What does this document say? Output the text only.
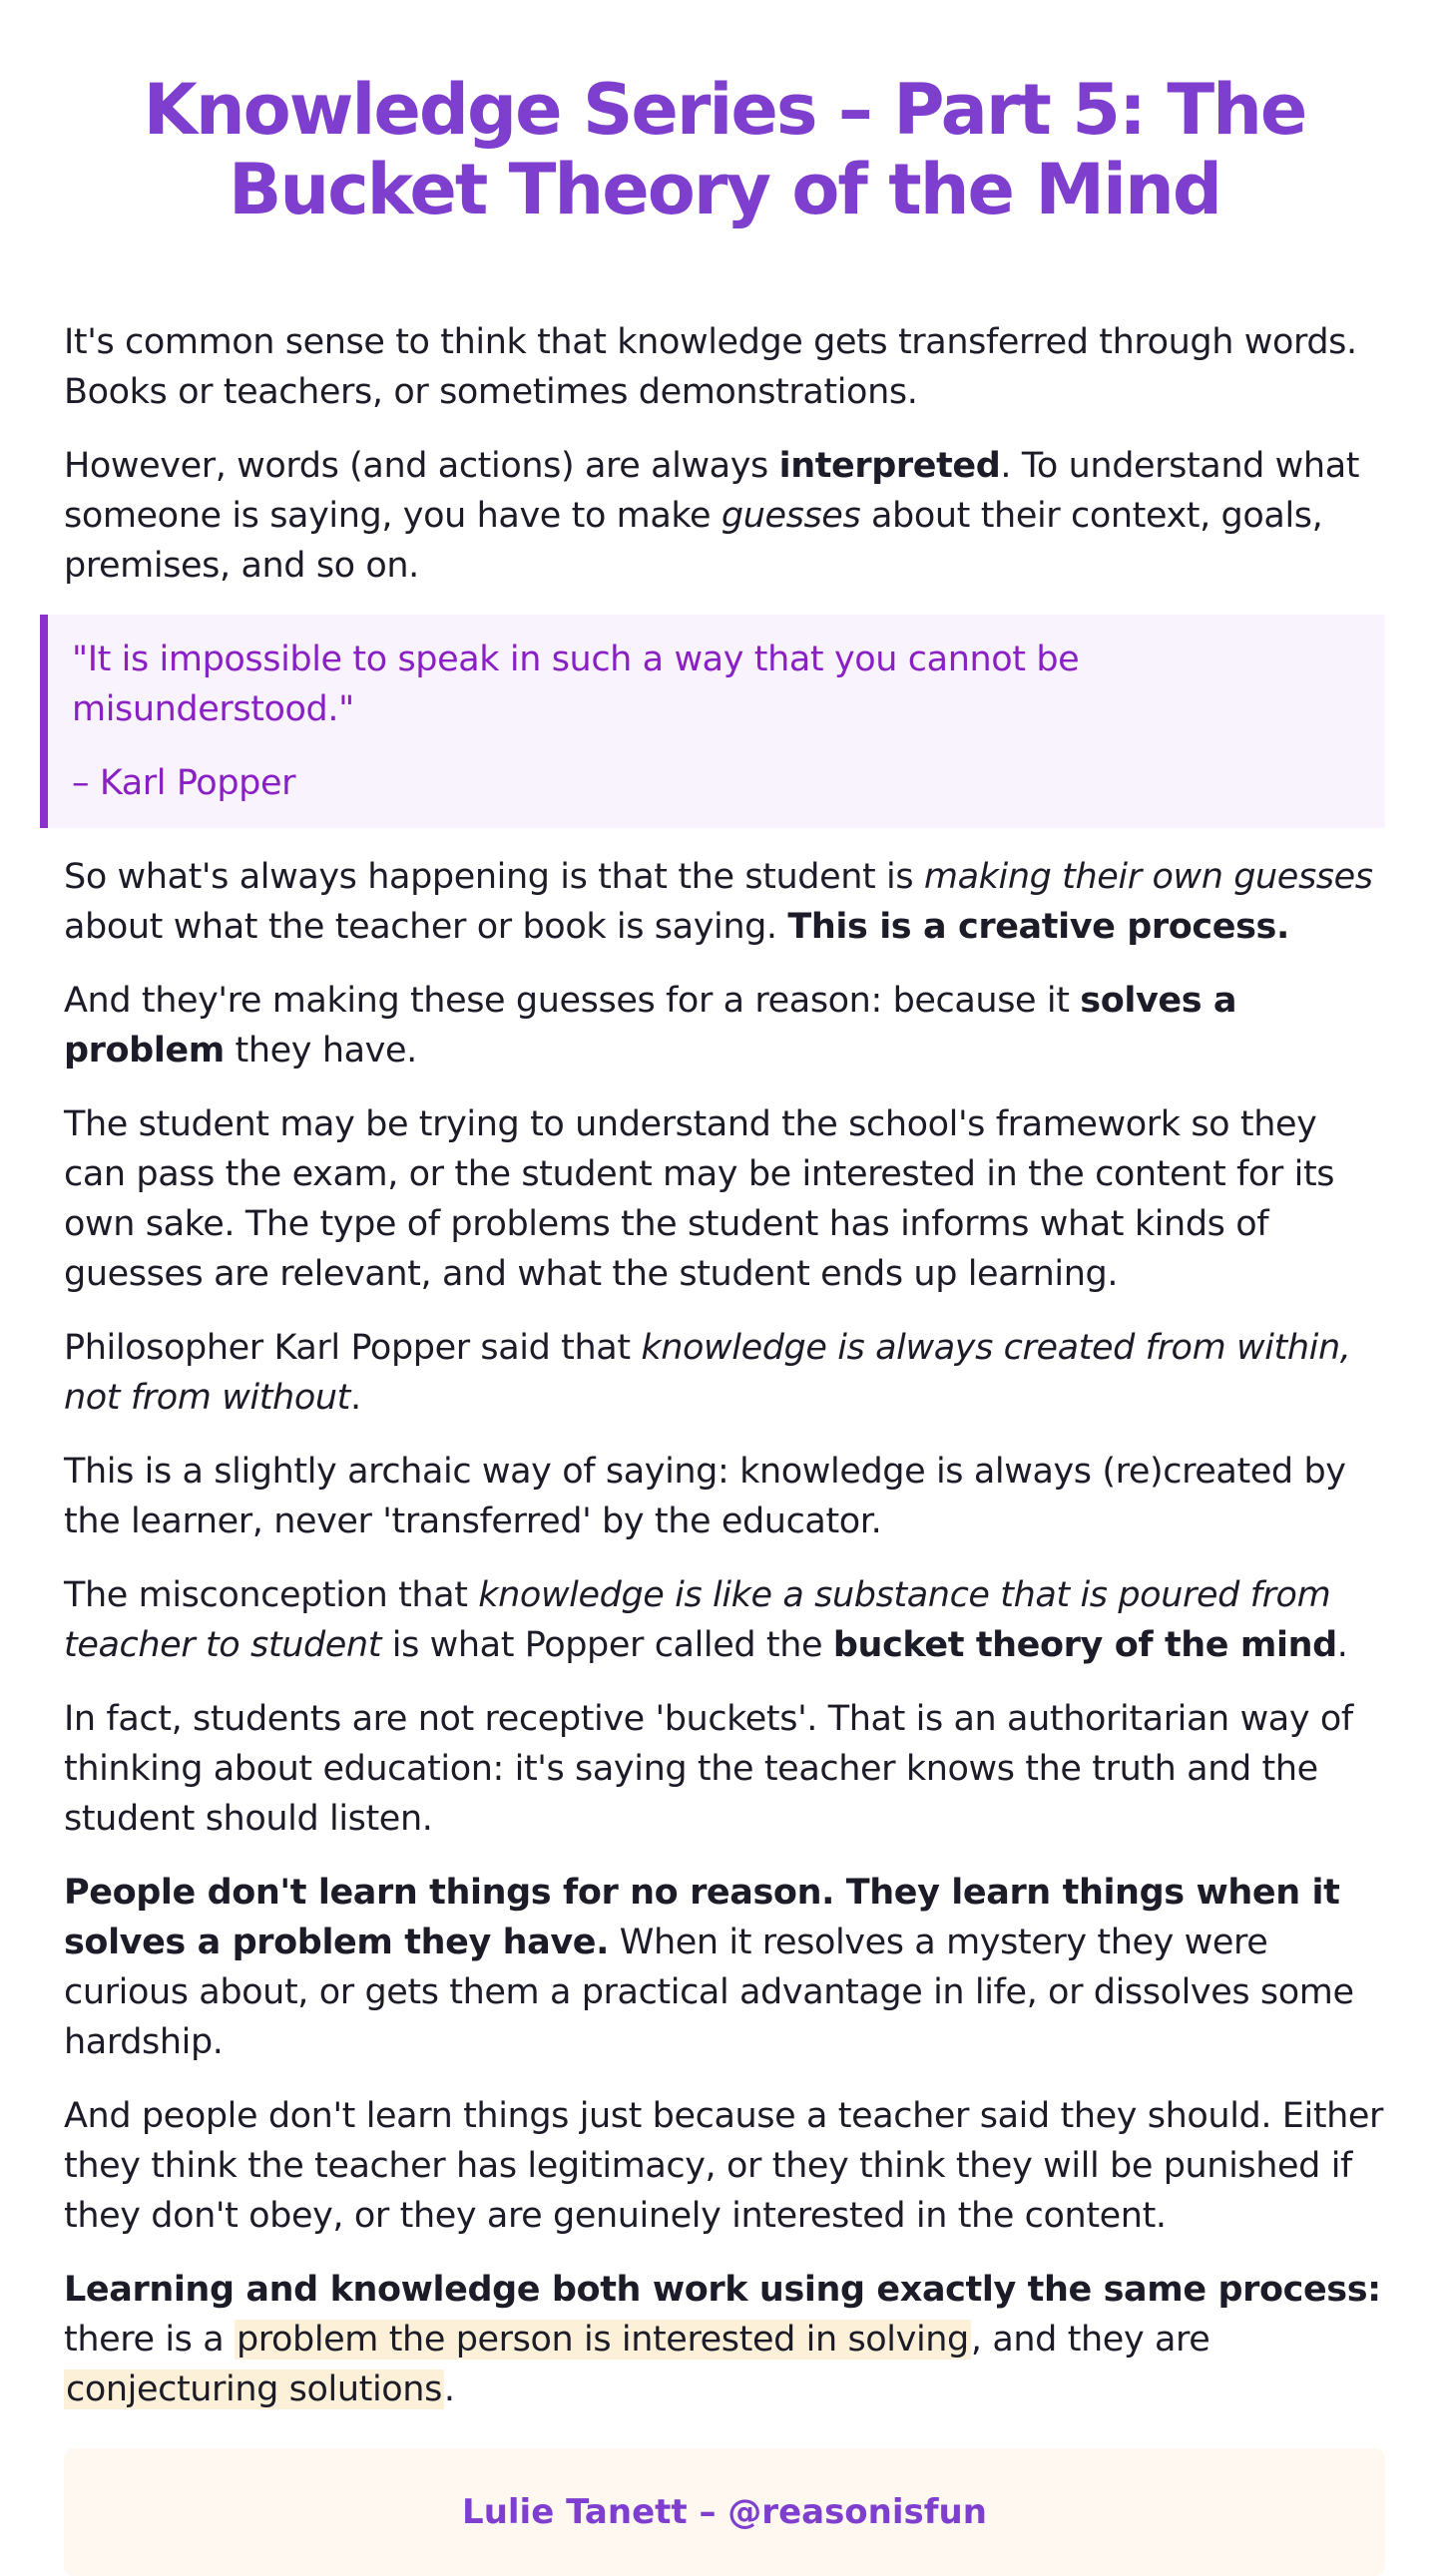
Knowledge Series – Part 5: The Bucket Theory of the Mind

It's common sense to think that knowledge gets transferred through words. Books or teachers, or sometimes demonstrations.

However, words (and actions) are always interpreted. To understand what someone is saying, you have to make guesses about their context, goals, premises, and so on.

"It is impossible to speak in such a way that you cannot be misunderstood."

– Karl Popper

So what's always happening is that the student is making their own guesses about what the teacher or book is saying. This is a creative process.

And they're making these guesses for a reason: because it solves a problem they have.

The student may be trying to understand the school's framework so they can pass the exam, or the student may be interested in the content for its own sake. The type of problems the student has informs what kinds of guesses are relevant, and what the student ends up learning.

Philosopher Karl Popper said that knowledge is always created from within, not from without.

This is a slightly archaic way of saying: knowledge is always (re)created by the learner, never 'transferred' by the educator.

The misconception that knowledge is like a substance that is poured from teacher to student is what Popper called the bucket theory of the mind.

In fact, students are not receptive 'buckets'. That is an authoritarian way of thinking about education: it's saying the teacher knows the truth and the student should listen.

People don't learn things for no reason. They learn things when it solves a problem they have. When it resolves a mystery they were curious about, or gets them a practical advantage in life, or dissolves some hardship.

And people don't learn things just because a teacher said they should. Either they think the teacher has legitimacy, or they think they will be punished if they don't obey, or they are genuinely interested in the content.

Learning and knowledge both work using exactly the same process: there is a problem the person is interested in solving, and they are conjecturing solutions.

Lulie Tanett – @reasonisfun
